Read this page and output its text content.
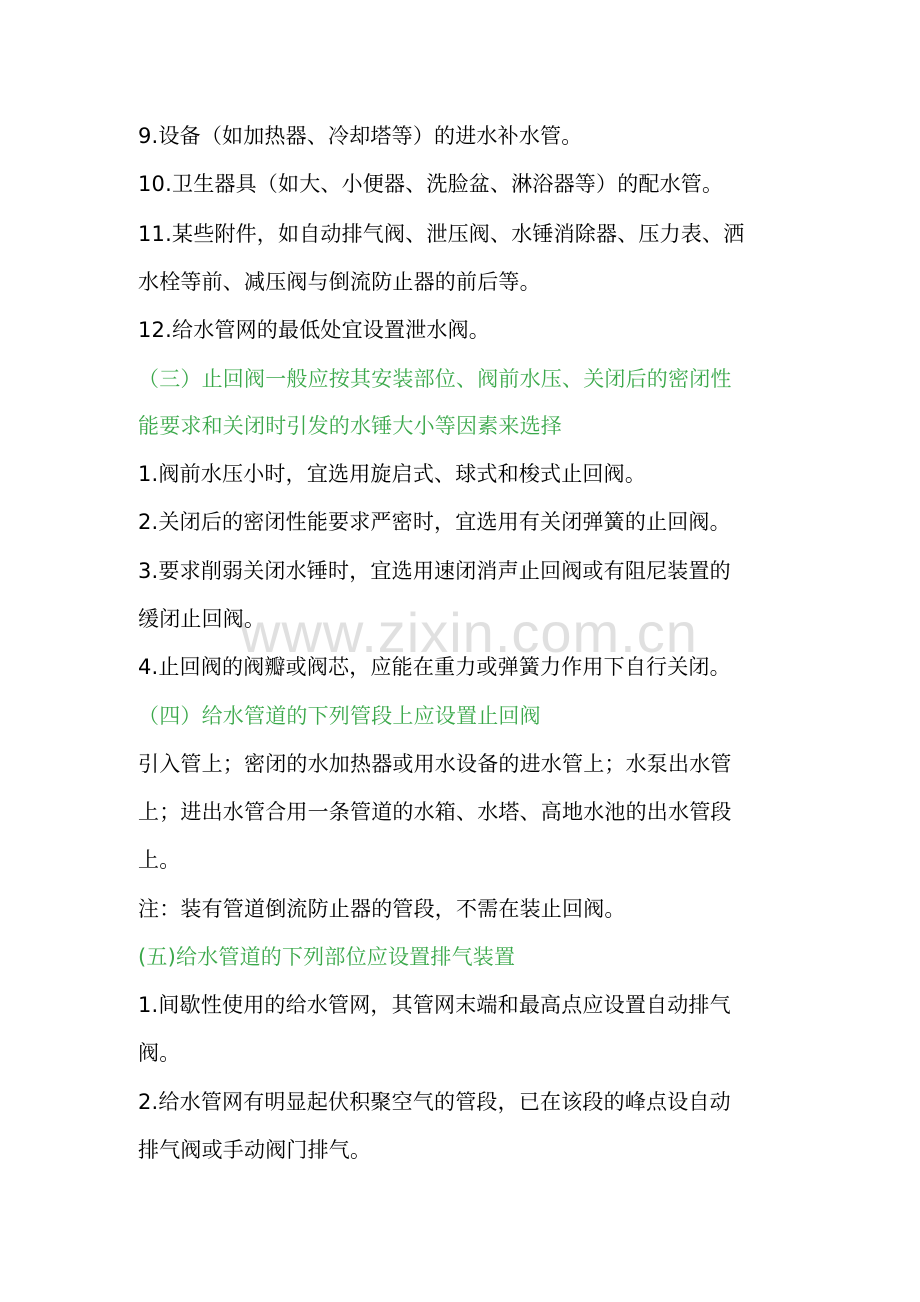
www.zixin.com.cn
9.设备（如加热器、冷却塔等）的进水补水管。
10.卫生器具（如大、小便器、洗脸盆、淋浴器等）的配水管。
11.某些附件，如自动排气阀、泄压阀、水锤消除器、压力表、洒
水栓等前、减压阀与倒流防止器的前后等。
12.给水管网的最低处宜设置泄水阀。
（三）止回阀一般应按其安装部位、阀前水压、关闭后的密闭性
能要求和关闭时引发的水锤大小等因素来选择
1.阀前水压小时，宜选用旋启式、球式和梭式止回阀。
2.关闭后的密闭性能要求严密时，宜选用有关闭弹簧的止回阀。
3.要求削弱关闭水锤时，宜选用速闭消声止回阀或有阻尼装置的
缓闭止回阀。
4.止回阀的阀瓣或阀芯，应能在重力或弹簧力作用下自行关闭。
（四）给水管道的下列管段上应设置止回阀
引入管上；密闭的水加热器或用水设备的进水管上；水泵出水管
上；进出水管合用一条管道的水箱、水塔、高地水池的出水管段
上。
注：装有管道倒流防止器的管段，不需在装止回阀。
(五)给水管道的下列部位应设置排气装置
1.间歇性使用的给水管网，其管网末端和最高点应设置自动排气
阀。
2.给水管网有明显起伏积聚空气的管段，已在该段的峰点设自动
排气阀或手动阀门排气。
